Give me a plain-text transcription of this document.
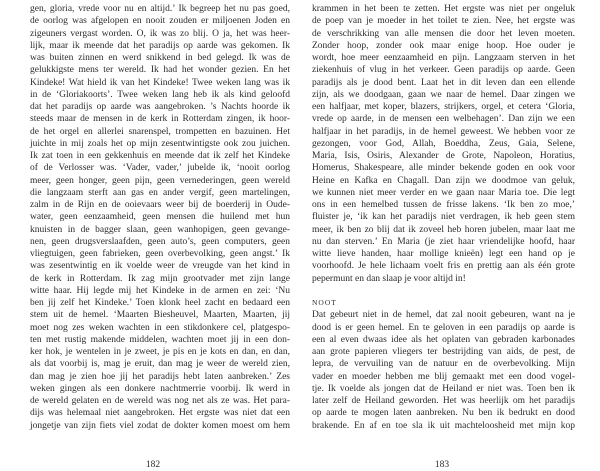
gen, gloria, vrede voor nu en altijd.’ Ik begreep het nu pas goed,
de oorlog was afgelopen en nooit zouden er miljoenen Joden en
zigeuners vergast worden. O, ik was zo blij. O ja, het was heer-
lijk, maar ik meende dat het paradijs op aarde was gekomen. Ik
was buiten zinnen en werd snikkend in bed gelegd. Ik was de
gelukkigste mens ter wereld. Ik had het wonder gezien. En het
Kindeke! Wat hield ik van het Kindeke! Twee weken lang was ik
in de ‘Gloriakoorts’. Twee weken lang heb ik als kind geloofd
dat het paradijs op aarde was aangebroken. ’s Nachts hoorde ik
steeds maar de mensen in de kerk in Rotterdam zingen, ik hoor-
de het orgel en allerlei snarenspel, trompetten en bazuinen. Het
juichte in mij zoals het op mijn zesentwintigste ook zou juichen.
Ik zat toen in een gekkenhuis en meende dat ik zelf het Kindeke
of de Verlosser was. ‘Vader, vader,’ jubelde ik, ‘nooit oorlog
meer, geen honger, geen pijn, geen vernederingen, geen wereld
die langzaam sterft aan gas en ander vergif, geen martelingen,
zalm in de Rijn en de ooievaars weer bij de boerderij in Oude-
water, geen eenzaamheid, geen mensen die huilend met hun
knuisten in de bagger slaan, geen wanhopigen, geen gevange-
nen, geen drugsverslaafden, geen auto’s, geen computers, geen
vliegtuigen, geen fabrieken, geen overbevolking, geen angst.’ Ik
was zesentwintig en ik voelde weer de vreugde van het kind in
de kerk in Rotterdam. Ik zag mijn grootvader met zijn lange
witte haar. Hij legde mij het Kindeke in de armen en zei: ‘Nu
ben jij zelf het Kindeke.’ Toen klonk heel zacht en bedaard een
stem uit de hemel. ‘Maarten Biesheuvel, Maarten, Maarten, jij
moet nog zes weken wachten in een stikdonkere cel, platgespo-
ten met rustig makende middelen, wachten moet jij in een don-
ker hok, je wentelen in je zweet, je pis en je kots en dan, en dan,
als dat voorbij is, mag je eruit, dan mag je weer de wereld zien,
dan mag je zien hoe jij het paradijs hebt laten aanbreken.’ Zes
weken gingen als een donkere nachtmerrie voorbij. Ik werd in
de wereld gelaten en de wereld was nog net als ze was. Het para-
dijs was helemaal niet aangebroken. Het ergste was niet dat een
jongetje van zijn fiets viel zodat de dokter komen moest om hem
krammen in het been te zetten. Het ergste was niet per ongeluk
de poep van je moeder in het toilet te zien. Nee, het ergste was
de verschrikking van alle mensen die door het leven moeten.
Zonder hoop, zonder ook maar enige hoop. Hoe ouder je
wordt, hoe meer eenzaamheid en pijn. Langzaam sterven in het
ziekenhuis of vlug in het verkeer. Geen paradijs op aarde. Geen
paradijs als je dood bent. Laat het in dit leven dan een ellende
zijn, als we doodgaan, gaan we naar de hemel. Daar zingen we
een halfjaar, met koper, blazers, strijkers, orgel, et cetera ‘Gloria,
vrede op aarde, in de mensen een welbehagen’. Dan zijn we een
halfjaar in het paradijs, in de hemel geweest. We hebben voor ze
gezongen, voor God, Allah, Boeddha, Zeus, Gaia, Selene,
Maria, Isis, Osiris, Alexander de Grote, Napoleon, Horatius,
Homerus, Shakespeare, alle minder bekende goden en ook voor
Heine en Kafka en Chagall. Dan zijn we doodmoe van geluk,
we kunnen niet meer verder en we gaan naar Maria toe. Die legt
ons in een hemelbed tussen de frisse lakens. ‘Ik ben zo moe,’
fluister je, ‘ik kan het paradijs niet verdragen, ik heb geen stem
meer, ik ben zo blij dat ik zoveel heb horen jubelen, maar laat me
nu dan sterven.’ En Maria (je ziet haar vriendelijke hoofd, haar
witte lieve handen, haar mollige knieën) legt een hand op je
voorhoofd. Je hele lichaam voelt fris en prettig aan als één grote
pepermunt en dan slaap je voor altijd in!
NOOT
Dat gebeurt niet in de hemel, dat zal nooit gebeuren, want na je
dood is er geen hemel. En te geloven in een paradijs op aarde is
een al even dwaas idee als het oplaten van gebraden karbonades
aan grote papieren vliegers ter bestrijding van aids, de pest, de
lepra, de vervuiling van de natuur en de overbevolking. Mijn
vader en moeder hebben me blij gemaakt met een dood vogel-
tje. Ik voelde als jongen dat de Heiland er niet was. Toen ben ik
later zelf de Heiland geworden. Het was heerlijk om het paradijs
op aarde te mogen laten aanbreken. Nu ben ik bedrukt en dood
brakende. En af en toe sla ik uit machteloosheid met mijn kop
182	183
